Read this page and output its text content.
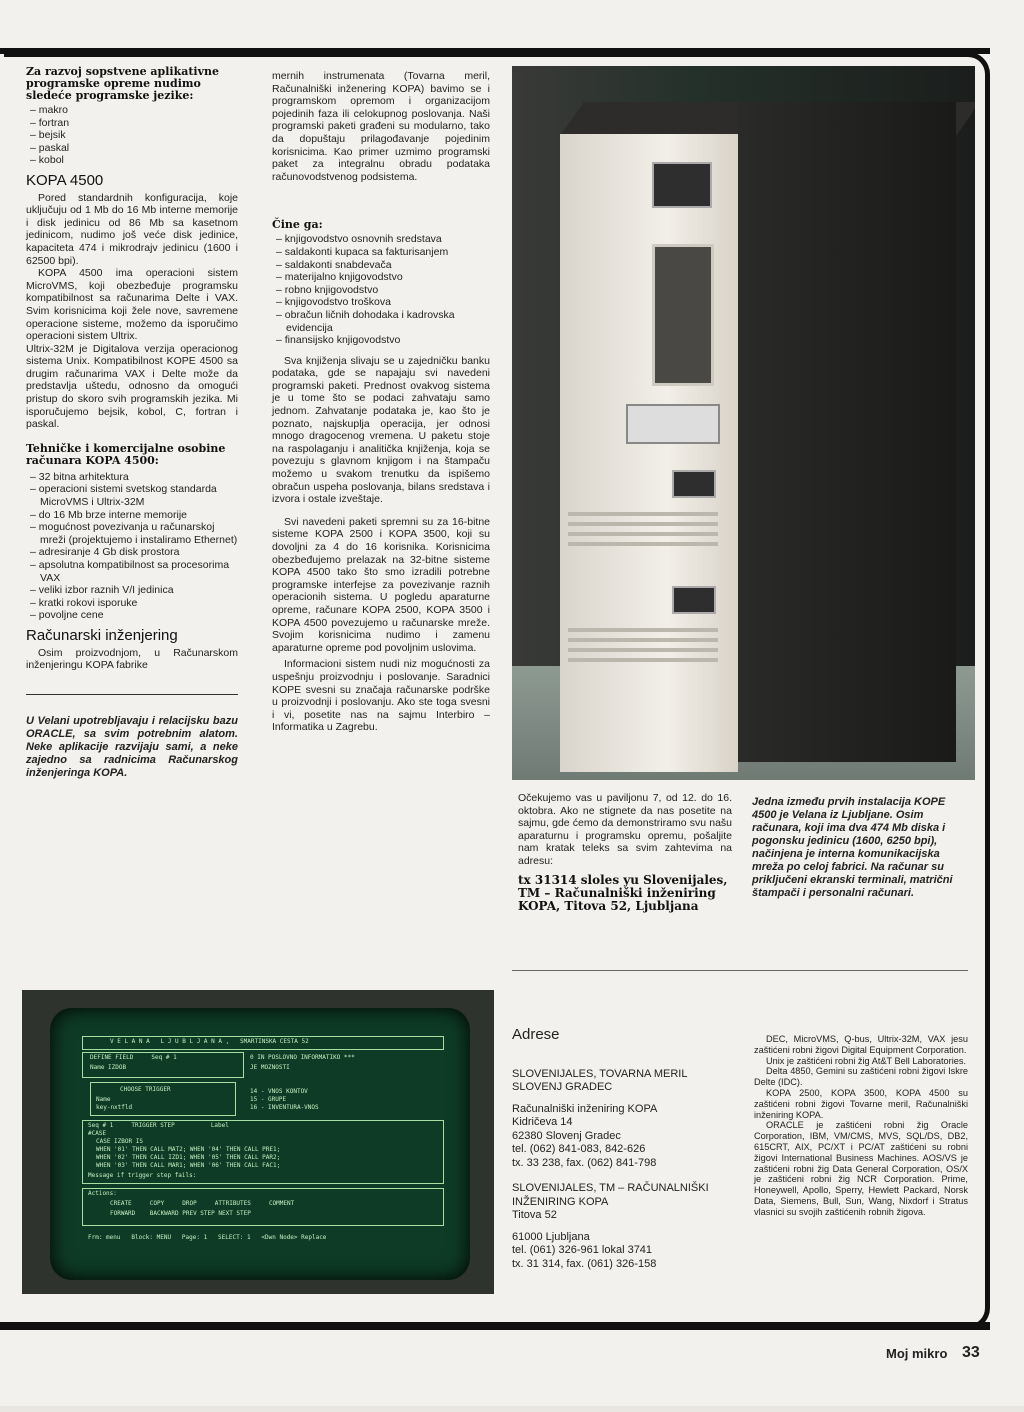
Za razvoj sopstvene aplikativne programske opreme nudimo sledeće programske jezike:
– makro
– fortran
– bejsik
– paskal
– kobol
KOPA 4500

Pored standardnih konfiguracija, koje uključuju od 1 Mb do 16 Mb interne memorije i disk jedinicu od 86 Mb sa kasetnom jedinicom, nudimo još veće disk jedinice, kapaciteta 474 i mikrodrajv jedinicu (1600 i 62500 bpi).

KOPA 4500 ima operacioni sistem MicroVMS, koji obezbeđuje programsku kompatibilnost sa računarima Delte i VAX. Svim korisnicima koji žele nove, savremene operacione sisteme, možemo da isporučimo operacioni sistem Ultrix.

Ultrix-32M je Digitalova verzija operacionog sistema Unix. Kompatibilnost KOPE 4500 sa drugim računarima VAX i Delte može da predstavlja uštedu, odnosno da omogući pristup do skoro svih programskih jezika. Mi isporučujemo bejsik, kobol, C, fortran i paskal.

Tehničke i komercijalne osobine računara KOPA 4500:
– 32 bitna arhitektura
– operacioni sistemi svetskog standarda MicroVMS i Ultrix-32M
– do 16 Mb brze interne memorije
– mogućnost povezivanja u računarskoj mreži (projektujemo i instaliramo Ethernet)
– adresiranje 4 Gb disk prostora
– apsolutna kompatibilnost sa procesorima VAX
– veliki izbor raznih V/I jedinica
– kratki rokovi isporuke
– povoljne cene
Računarski inženjering

Osim proizvodnjom, u Računarskom inženjeringu KOPA fabrike

U Velani upotrebljavaju i relacijsku bazu ORACLE, sa svim potrebnim alatom. Neke aplikacije razvijaju sami, a neke zajedno sa radnicima Računarskog inženjeringa KOPA.

mernih instrumenata (Tovarna meril, Računalniški inženering KOPA) bavimo se i programskom opremom i organizacijom pojedinih faza ili celokupnog poslovanja. Naši programski paketi građeni su modularno, tako da dopuštaju prilagođavanje pojedinim korisnicima. Kao primer uzmimo programski paket za integralnu obradu podataka računovodstvenog podsistema.

Čine ga:
– knjigovodstvo osnovnih sredstava
– saldakonti kupaca sa fakturisanjem
– saldakonti snabdevača
– materijalno knjigovodstvo
– robno knjigovodstvo
– knjigovodstvo troškova
– obračun ličnih dohodaka i kadrovska evidencija
– finansijsko knjigovodstvo

Sva knjiženja slivaju se u zajedničku banku podataka, gde se napajaju svi navedeni programski paketi. Prednost ovakvog sistema je u tome što se podaci zahvataju samo jednom. Zahvatanje podataka je, kao što je poznato, najskuplja operacija, jer odnosi mnogo dragocenog vremena. U paketu stoje na raspolaganju i analitička knjiženja, koja se povezuju s glavnom knjigom i na štampaču možemo u svakom trenutku da ispišemo obračun uspeha poslovanja, bilans sredstava i izvora i ostale izveštaje.

Svi navedeni paketi spremni su za 16-bitne sisteme KOPA 2500 i KOPA 3500, koji su dovoljni za 4 do 16 korisnika. Korisnicima obezbeđujemo prelazak na 32-bitne sisteme KOPA 4500 tako što smo izradili potrebne programske interfejse za povezivanje raznih operacionih sistema. U pogledu aparaturne opreme, računare KOPA 2500, KOPA 3500 i KOPA 4500 povezujemo u računarske mreže. Svojim korisnicima nudimo i zamenu aparaturne opreme pod povoljnim uslovima.

Informacioni sistem nudi niz mogućnosti za uspešnju proizvodnju i poslovanje. Saradnici KOPE svesni su značaja računarske podrške u proizvodnji i poslovanju. Ako ste toga svesni i vi, posetite nas na sajmu Interbiro – Informatika u Zagrebu.

Očekujemo vas u paviljonu 7, od 12. do 16. oktobra. Ako ne stignete da nas posetite na sajmu, gde ćemo da demonstriramo svu našu aparaturnu i programsku opremu, pošaljite nam kratak teleks sa svim zahtevima na adresu:

tx 31314 sloles yu Slovenijales, TM – Računalniški inženiring KOPA, Titova 52, Ljubljana

Jedna između prvih instalacija KOPE 4500 je Velana iz Ljubljane. Osim računara, koji ima dva 474 Mb diska i pogonsku jedinicu (1600, 6250 bpi), načinjena je interna komunikacijska mreža po celoj fabrici. Na računar su priključeni ekranski terminali, matrični štampači i personalni računari.

V E L A N A   L J U B L J A N A ,   SMARTINSKA CESTA 52
DEFINE FIELD     Seq # 1
Name IZDOB
0 IN POSLOVNO INFORMATIKO ***
JE MOZNOSTI
CHOOSE TRIGGER
Name
key-nxtfld
14 - VNOS KONTOV
15 - GRUPE
16 - INVENTURA-VNOS
Seq # 1     TRIGGER STEP          Label
#CASE
CASE IZBOR IS
WHEN '01' THEN CALL MAT2; WHEN '04' THEN CALL PRE1;
WHEN '02' THEN CALL IZD1; WHEN '05' THEN CALL PAR2;
WHEN '03' THEN CALL MAR1; WHEN '06' THEN CALL FAC1;
Message if trigger step fails:
Actions:
CREATE     COPY     DROP     ATTRIBUTES     COMMENT
FORWARD    BACKWARD PREV STEP NEXT STEP
Frm: menu   Block: MENU   Page: 1   SELECT: 1   <Dwn Node> Replace
Adrese
SLOVENIJALES, TOVARNA MERIL
SLOVENJ GRADEC
Računalniški inženiring KOPA
Kidričeva 14
62380 Slovenj Gradec
tel. (062) 841-083, 842-626
tx. 33 238, fax. (062) 841-798
SLOVENIJALES, TM – RAČUNALNIŠKI INŽENIRING KOPA
Titova 52
61000 Ljubljana
tel. (061) 326-961 lokal 3741
tx. 31 314, fax. (061) 326-158

DEC, MicroVMS, Q-bus, Ultrix-32M, VAX jesu zaštićeni robni žigovi Digital Equipment Corporation.

Unix je zaštićeni robni žig At&T Bell Laboratories.

Delta 4850, Gemini su zaštićeni robni žigovi Iskre Delte (IDC).

KOPA 2500, KOPA 3500, KOPA 4500 su zaštićeni robni žigovi Tovarne meril, Računalniški inženiring KOPA.

ORACLE je zaštićeni robni žig Oracle Corporation, IBM, VM/CMS, MVS, SQL/DS, DB2, 615CRT, AIX, PC/XT i PC/AT zaštićeni su robni žigovi International Business Machines. AOS/VS je zaštićeni robni žig Data General Corporation, OS/X je zaštićeni robni žig NCR Corporation. Prime, Honeywell, Apollo, Sperry, Hewlett Packard, Norsk Data, Siemens, Bull, Sun, Wang, Nixdorf i Stratus vlasnici su svojih zaštićenih robnih žigova.

Moj mikro 33
